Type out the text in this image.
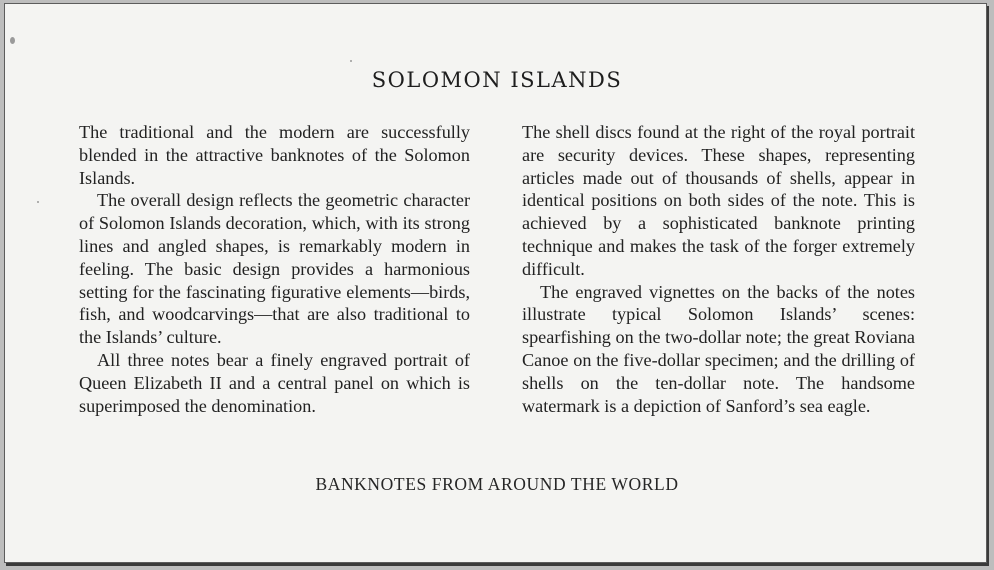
SOLOMON ISLANDS

The traditional and the modern are successfully blended in the attractive banknotes of the Solomon Islands.

The overall design reflects the geometric character of Solomon Islands decoration, which, with its strong lines and angled shapes, is remarkably modern in feeling. The basic design provides a harmonious setting for the fascinating figurative elements—birds, fish, and woodcarvings—that are also traditional to the Islands’ culture.

All three notes bear a finely engraved portrait of Queen Elizabeth II and a central panel on which is superimposed the denomination.

The shell discs found at the right of the royal portrait are security devices. These shapes, representing articles made out of thousands of shells, appear in identical positions on both sides of the note. This is achieved by a sophisticated banknote printing technique and makes the task of the forger extremely difficult.

The engraved vignettes on the backs of the notes illustrate typical Solomon Islands’ scenes: spearfishing on the two-dollar note; the great Roviana Canoe on the five-dollar specimen; and the drilling of shells on the ten-dollar note. The handsome watermark is a depiction of Sanford’s sea eagle.

BANKNOTES FROM AROUND THE WORLD
